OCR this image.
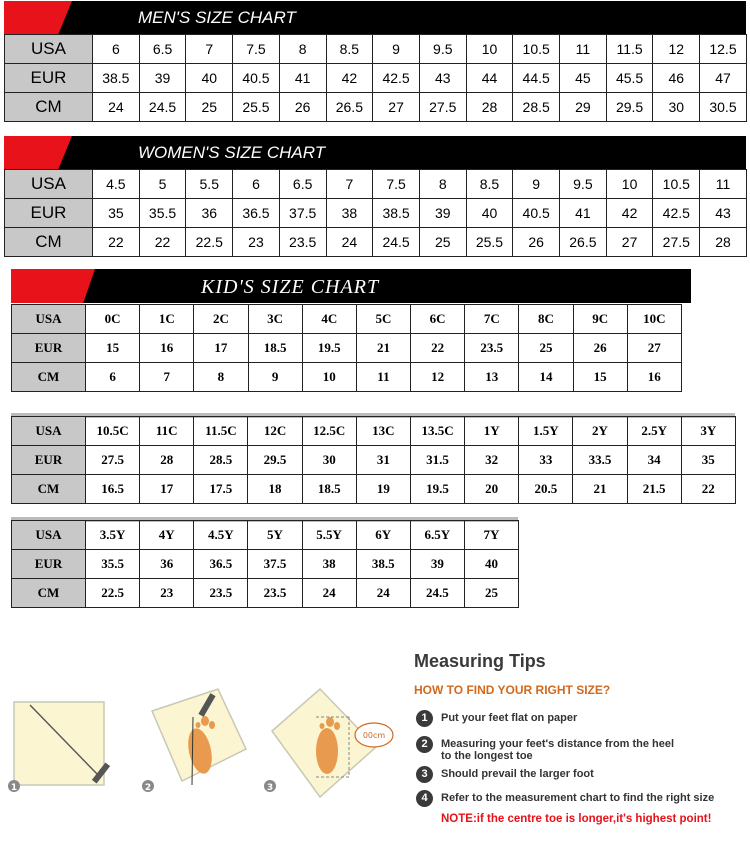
MEN'S SIZE CHART
USA	6	6.5	7	7.5	8	8.5	9	9.5	10	10.5	11	11.5	12	12.5
EUR	38.5	39	40	40.5	41	42	42.5	43	44	44.5	45	45.5	46	47
CM	24	24.5	25	25.5	26	26.5	27	27.5	28	28.5	29	29.5	30	30.5
WOMEN'S SIZE CHART
USA	4.5	5	5.5	6	6.5	7	7.5	8	8.5	9	9.5	10	10.5	11
EUR	35	35.5	36	36.5	37.5	38	38.5	39	40	40.5	41	42	42.5	43
CM	22	22	22.5	23	23.5	24	24.5	25	25.5	26	26.5	27	27.5	28
KID'S SIZE CHART
USA	0C	1C	2C	3C	4C	5C	6C	7C	8C	9C	10C
EUR	15	16	17	18.5	19.5	21	22	23.5	25	26	27
CM	6	7	8	9	10	11	12	13	14	15	16
USA	10.5C	11C	11.5C	12C	12.5C	13C	13.5C	1Y	1.5Y	2Y	2.5Y	3Y
EUR	27.5	28	28.5	29.5	30	31	31.5	32	33	33.5	34	35
CM	16.5	17	17.5	18	18.5	19	19.5	20	20.5	21	21.5	22
USA	3.5Y	4Y	4.5Y	5Y	5.5Y	6Y	6.5Y	7Y
EUR	35.5	36	36.5	37.5	38	38.5	39	40
CM	22.5	23	23.5	23.5	24	24	24.5	25
1	2
00cm
3
Measuring Tips
HOW TO FIND YOUR RIGHT SIZE?
1	Put your feet flat on paper
2	Measuring your feet's distance from the heel
to the longest toe
3	Should prevail the larger foot
4	Refer to the measurement chart to find the right size
NOTE:if the centre toe is longer,it's highest point!
